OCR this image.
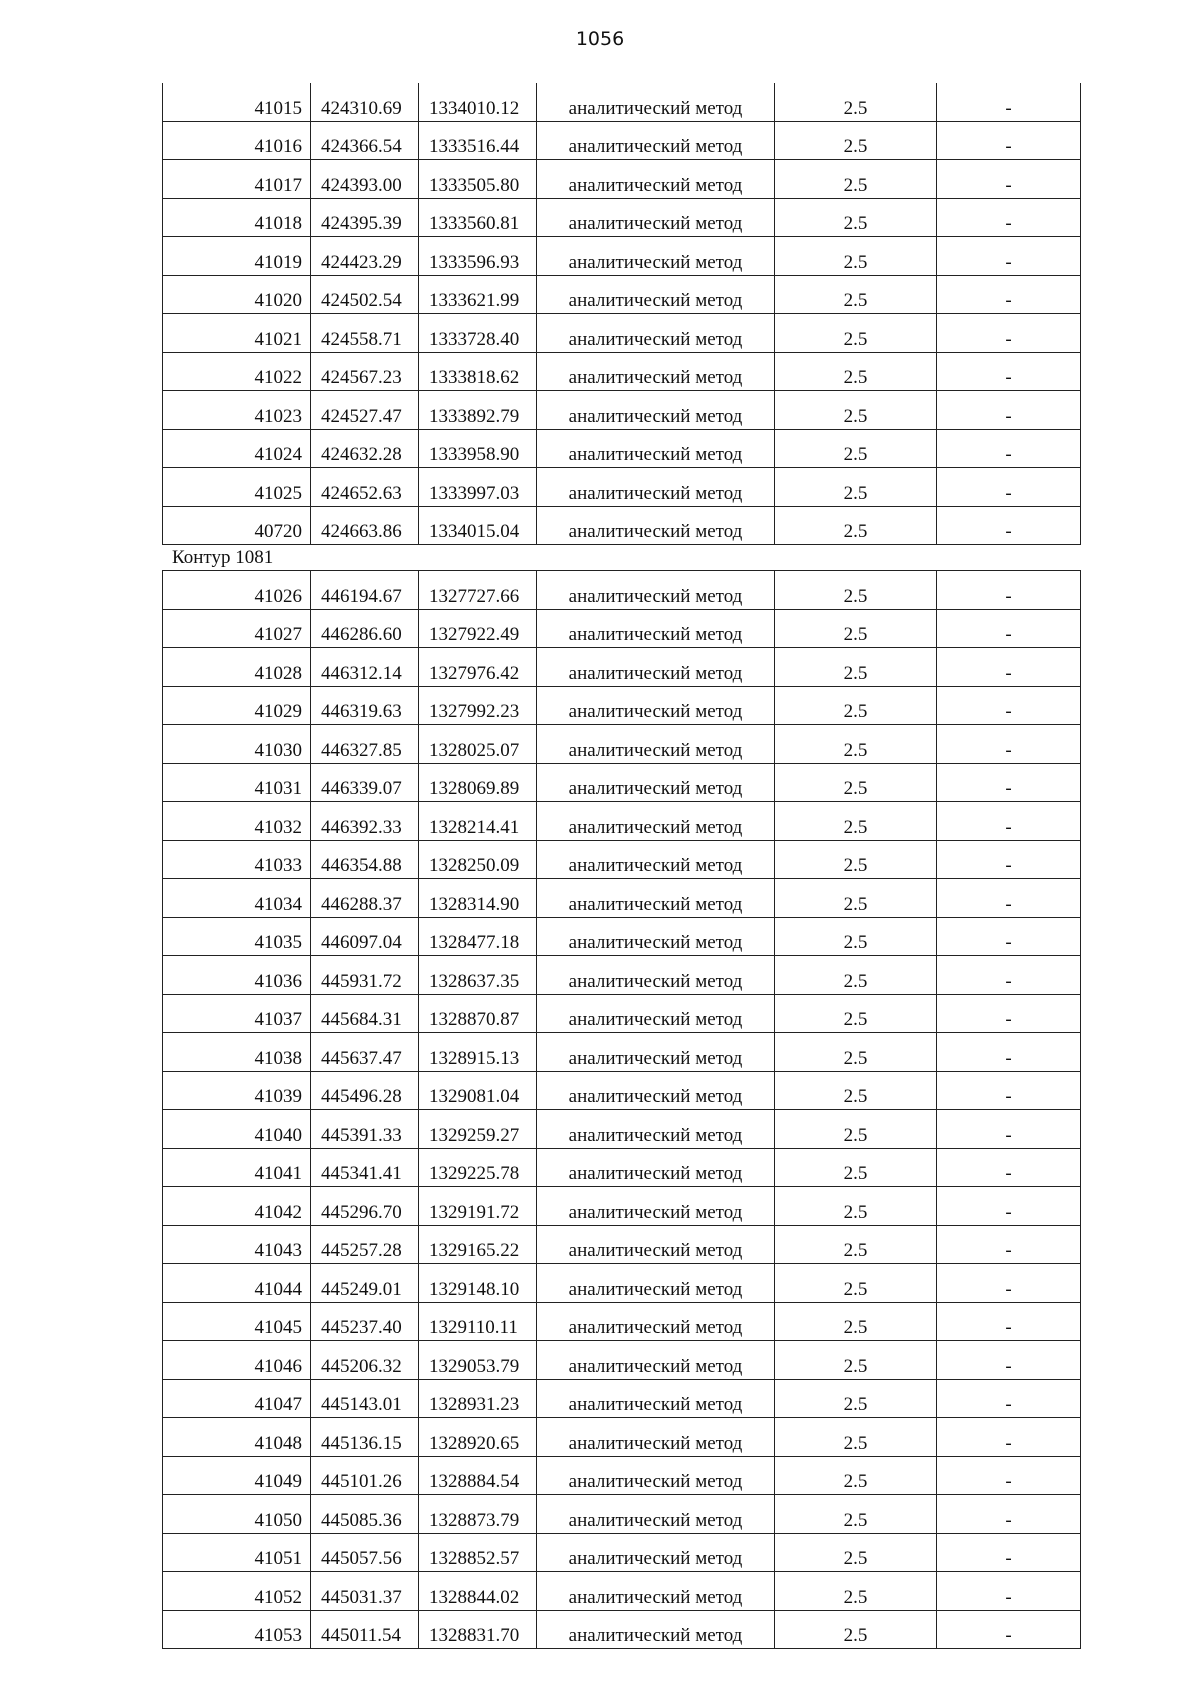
1056
41015	424310.69	1334010.12	аналитический метод	2.5	-
41016	424366.54	1333516.44	аналитический метод	2.5	-
41017	424393.00	1333505.80	аналитический метод	2.5	-
41018	424395.39	1333560.81	аналитический метод	2.5	-
41019	424423.29	1333596.93	аналитический метод	2.5	-
41020	424502.54	1333621.99	аналитический метод	2.5	-
41021	424558.71	1333728.40	аналитический метод	2.5	-
41022	424567.23	1333818.62	аналитический метод	2.5	-
41023	424527.47	1333892.79	аналитический метод	2.5	-
41024	424632.28	1333958.90	аналитический метод	2.5	-
41025	424652.63	1333997.03	аналитический метод	2.5	-
40720	424663.86	1334015.04	аналитический метод	2.5	-
Контур 1081
41026	446194.67	1327727.66	аналитический метод	2.5	-
41027	446286.60	1327922.49	аналитический метод	2.5	-
41028	446312.14	1327976.42	аналитический метод	2.5	-
41029	446319.63	1327992.23	аналитический метод	2.5	-
41030	446327.85	1328025.07	аналитический метод	2.5	-
41031	446339.07	1328069.89	аналитический метод	2.5	-
41032	446392.33	1328214.41	аналитический метод	2.5	-
41033	446354.88	1328250.09	аналитический метод	2.5	-
41034	446288.37	1328314.90	аналитический метод	2.5	-
41035	446097.04	1328477.18	аналитический метод	2.5	-
41036	445931.72	1328637.35	аналитический метод	2.5	-
41037	445684.31	1328870.87	аналитический метод	2.5	-
41038	445637.47	1328915.13	аналитический метод	2.5	-
41039	445496.28	1329081.04	аналитический метод	2.5	-
41040	445391.33	1329259.27	аналитический метод	2.5	-
41041	445341.41	1329225.78	аналитический метод	2.5	-
41042	445296.70	1329191.72	аналитический метод	2.5	-
41043	445257.28	1329165.22	аналитический метод	2.5	-
41044	445249.01	1329148.10	аналитический метод	2.5	-
41045	445237.40	1329110.11	аналитический метод	2.5	-
41046	445206.32	1329053.79	аналитический метод	2.5	-
41047	445143.01	1328931.23	аналитический метод	2.5	-
41048	445136.15	1328920.65	аналитический метод	2.5	-
41049	445101.26	1328884.54	аналитический метод	2.5	-
41050	445085.36	1328873.79	аналитический метод	2.5	-
41051	445057.56	1328852.57	аналитический метод	2.5	-
41052	445031.37	1328844.02	аналитический метод	2.5	-
41053	445011.54	1328831.70	аналитический метод	2.5	-
